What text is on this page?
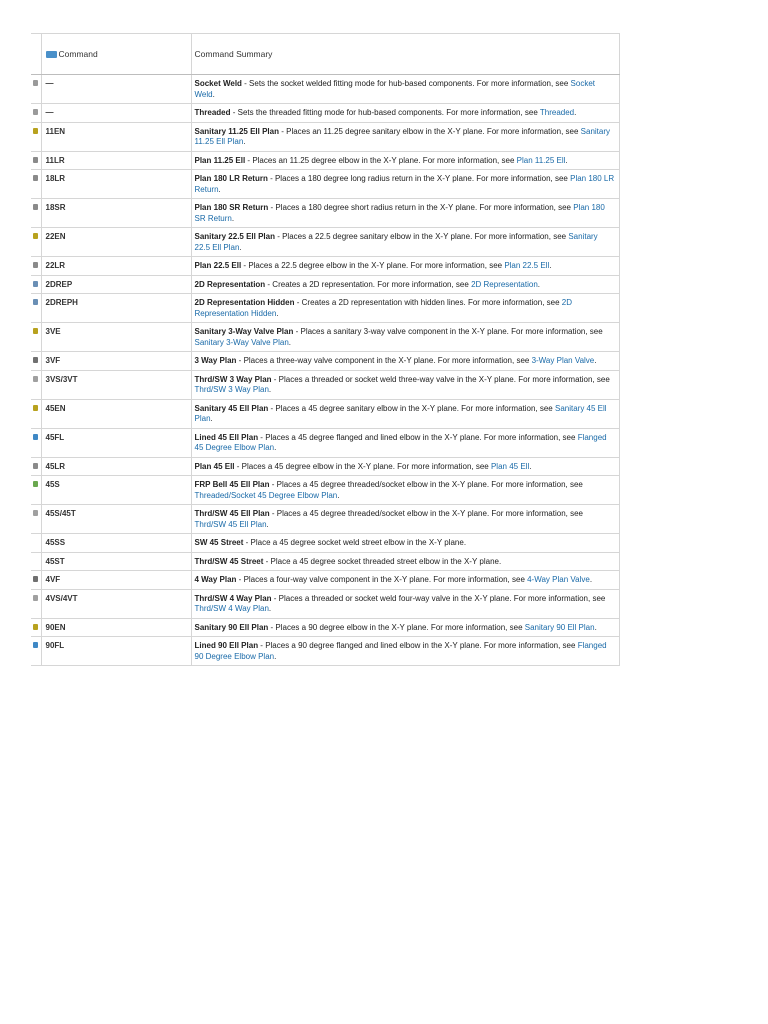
	Command	Command Summary
	—	Socket Weld - Sets the socket welded fitting mode for hub-based components. For more information, see Socket Weld.
	—	Threaded - Sets the threaded fitting mode for hub-based components. For more information, see Threaded.
	11EN	Sanitary 11.25 Ell Plan - Places an 11.25 degree sanitary elbow in the X-Y plane. For more information, see Sanitary 11.25 Ell Plan.
	11LR	Plan 11.25 Ell - Places an 11.25 degree elbow in the X-Y plane. For more information, see Plan 11.25 Ell.
	18LR	Plan 180 LR Return - Places a 180 degree long radius return in the X-Y plane. For more information, see Plan 180 LR Return.
	18SR	Plan 180 SR Return - Places a 180 degree short radius return in the X-Y plane. For more information, see Plan 180 SR Return.
	22EN	Sanitary 22.5 Ell Plan - Places a 22.5 degree sanitary elbow in the X-Y plane. For more information, see Sanitary 22.5 Ell Plan.
	22LR	Plan 22.5 Ell - Places a 22.5 degree elbow in the X-Y plane. For more information, see Plan 22.5 Ell.
	2DREP	2D Representation - Creates a 2D representation. For more information, see 2D Representation.
	2DREPH	2D Representation Hidden - Creates a 2D representation with hidden lines. For more information, see 2D Representation Hidden.
	3VE	Sanitary 3-Way Valve Plan - Places a sanitary 3-way valve component in the X-Y plane. For more information, see Sanitary 3-Way Valve Plan.
	3VF	3 Way Plan - Places a three-way valve component in the X-Y plane. For more information, see 3-Way Plan Valve.
	3VS/3VT	Thrd/SW 3 Way Plan - Places a threaded or socket weld three-way valve in the X-Y plane. For more information, see Thrd/SW 3 Way Plan.
	45EN	Sanitary 45 Ell Plan - Places a 45 degree sanitary elbow in the X-Y plane. For more information, see Sanitary 45 Ell Plan.
	45FL	Lined 45 Ell Plan - Places a 45 degree flanged and lined elbow in the X-Y plane. For more information, see Flanged 45 Degree Elbow Plan.
	45LR	Plan 45 Ell - Places a 45 degree elbow in the X-Y plane. For more information, see Plan 45 Ell.
	45S	FRP Bell 45 Ell Plan - Places a 45 degree threaded/socket elbow in the X-Y plane. For more information, see Threaded/Socket 45 Degree Elbow Plan.
	45S/45T	Thrd/SW 45 Ell Plan - Places a 45 degree threaded/socket elbow in the X-Y plane. For more information, see Thrd/SW 45 Ell Plan.
	45SS	SW 45 Street - Place a 45 degree socket weld street elbow in the X-Y plane.
	45ST	Thrd/SW 45 Street - Place a 45 degree socket threaded street elbow in the X-Y plane.
	4VF	4 Way Plan - Places a four-way valve component in the X-Y plane. For more information, see 4-Way Plan Valve.
	4VS/4VT	Thrd/SW 4 Way Plan - Places a threaded or socket weld four-way valve in the X-Y plane. For more information, see Thrd/SW 4 Way Plan.
	90EN	Sanitary 90 Ell Plan - Places a 90 degree elbow in the X-Y plane. For more information, see Sanitary 90 Ell Plan.
	90FL	Lined 90 Ell Plan - Places a 90 degree flanged and lined elbow in the X-Y plane. For more information, see Flanged 90 Degree Elbow Plan.
